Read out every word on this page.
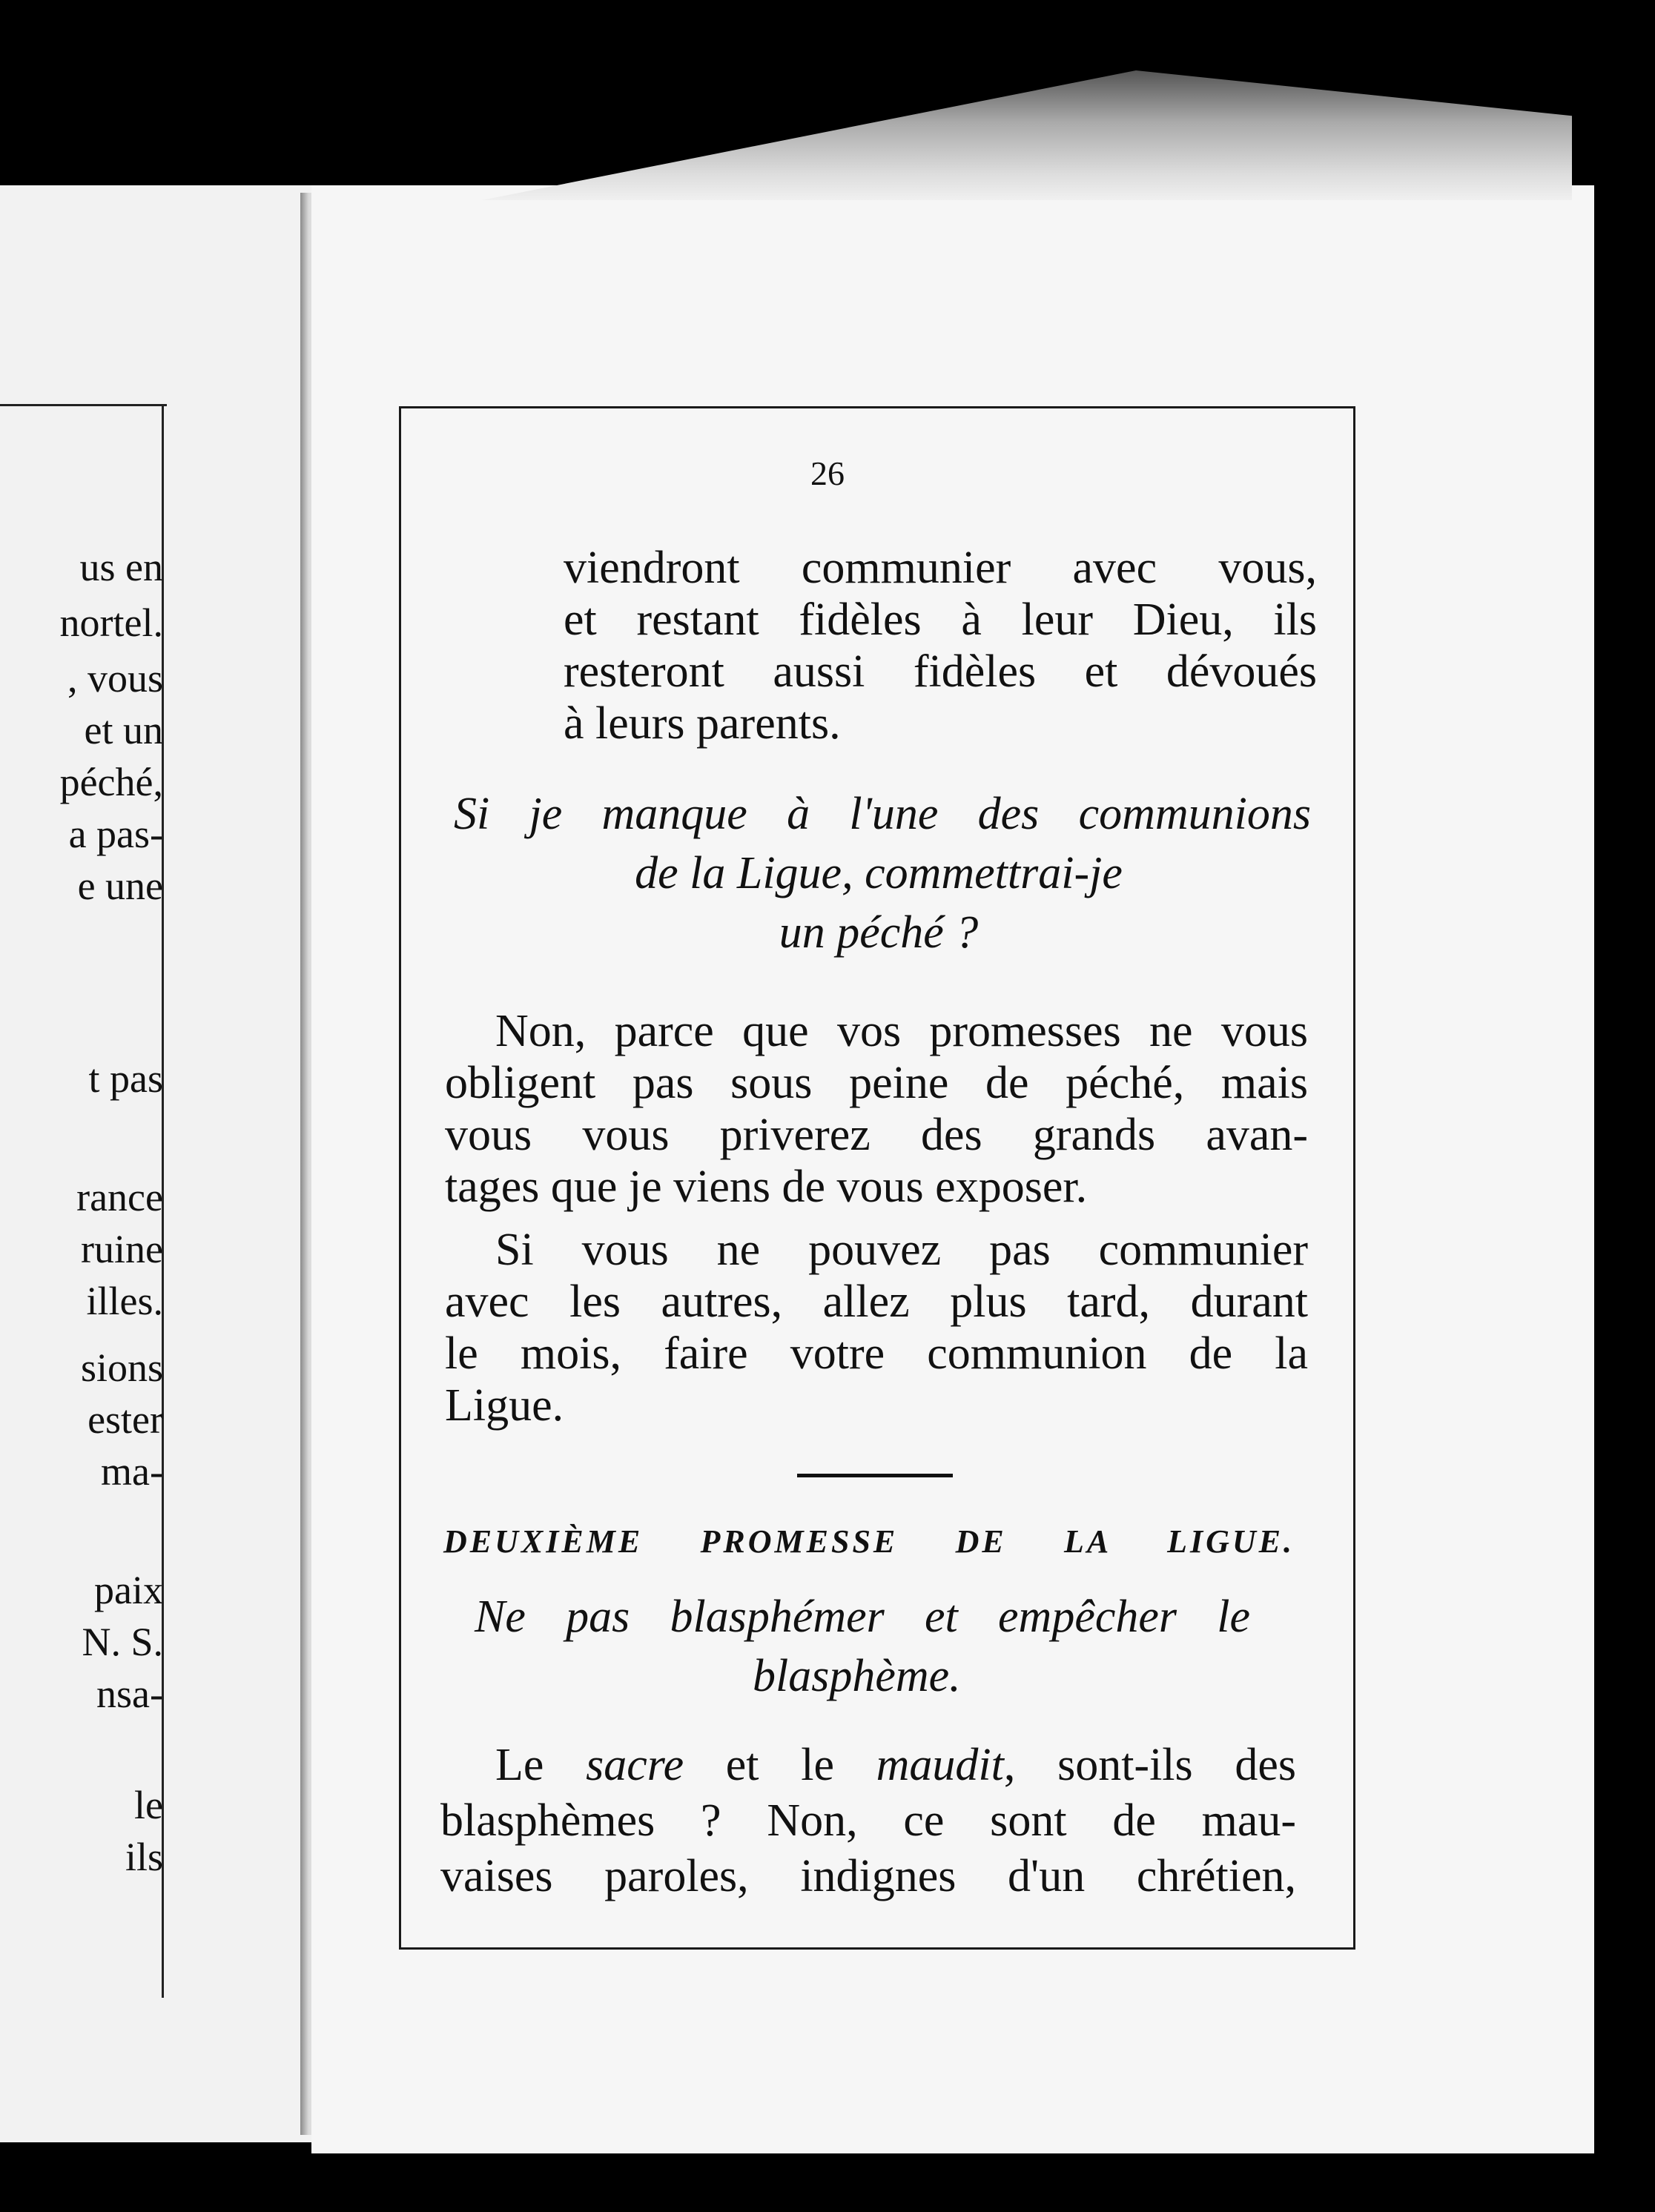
us en
nortel.
, vous
et un
péché,
a pas-
e une
t pas
rance
ruine
illes.
sions
ester
ma-
paix
N. S.
nsa-
le
ils
26
viendront communier avec vous,
et restant fidèles à leur Dieu, ils
resteront aussi fidèles et dévoués
à leurs parents.
Si je manque à l'une des communions
de la Ligue, commettrai-je
un péché ?
Non, parce que vos promesses ne vous
obligent pas sous peine de péché, mais
vous vous priverez des grands avan-
tages que je viens de vous exposer.
Si vous ne pouvez pas communier
avec les autres, allez plus tard, durant
le mois, faire votre communion de la
Ligue.
DEUXIÈME PROMESSE DE LA LIGUE.
Ne pas blasphémer et empêcher le
blasphème.
Le sacre et le maudit, sont-ils des
blasphèmes ? Non, ce sont de mau-
vaises paroles, indignes d'un chrétien,
